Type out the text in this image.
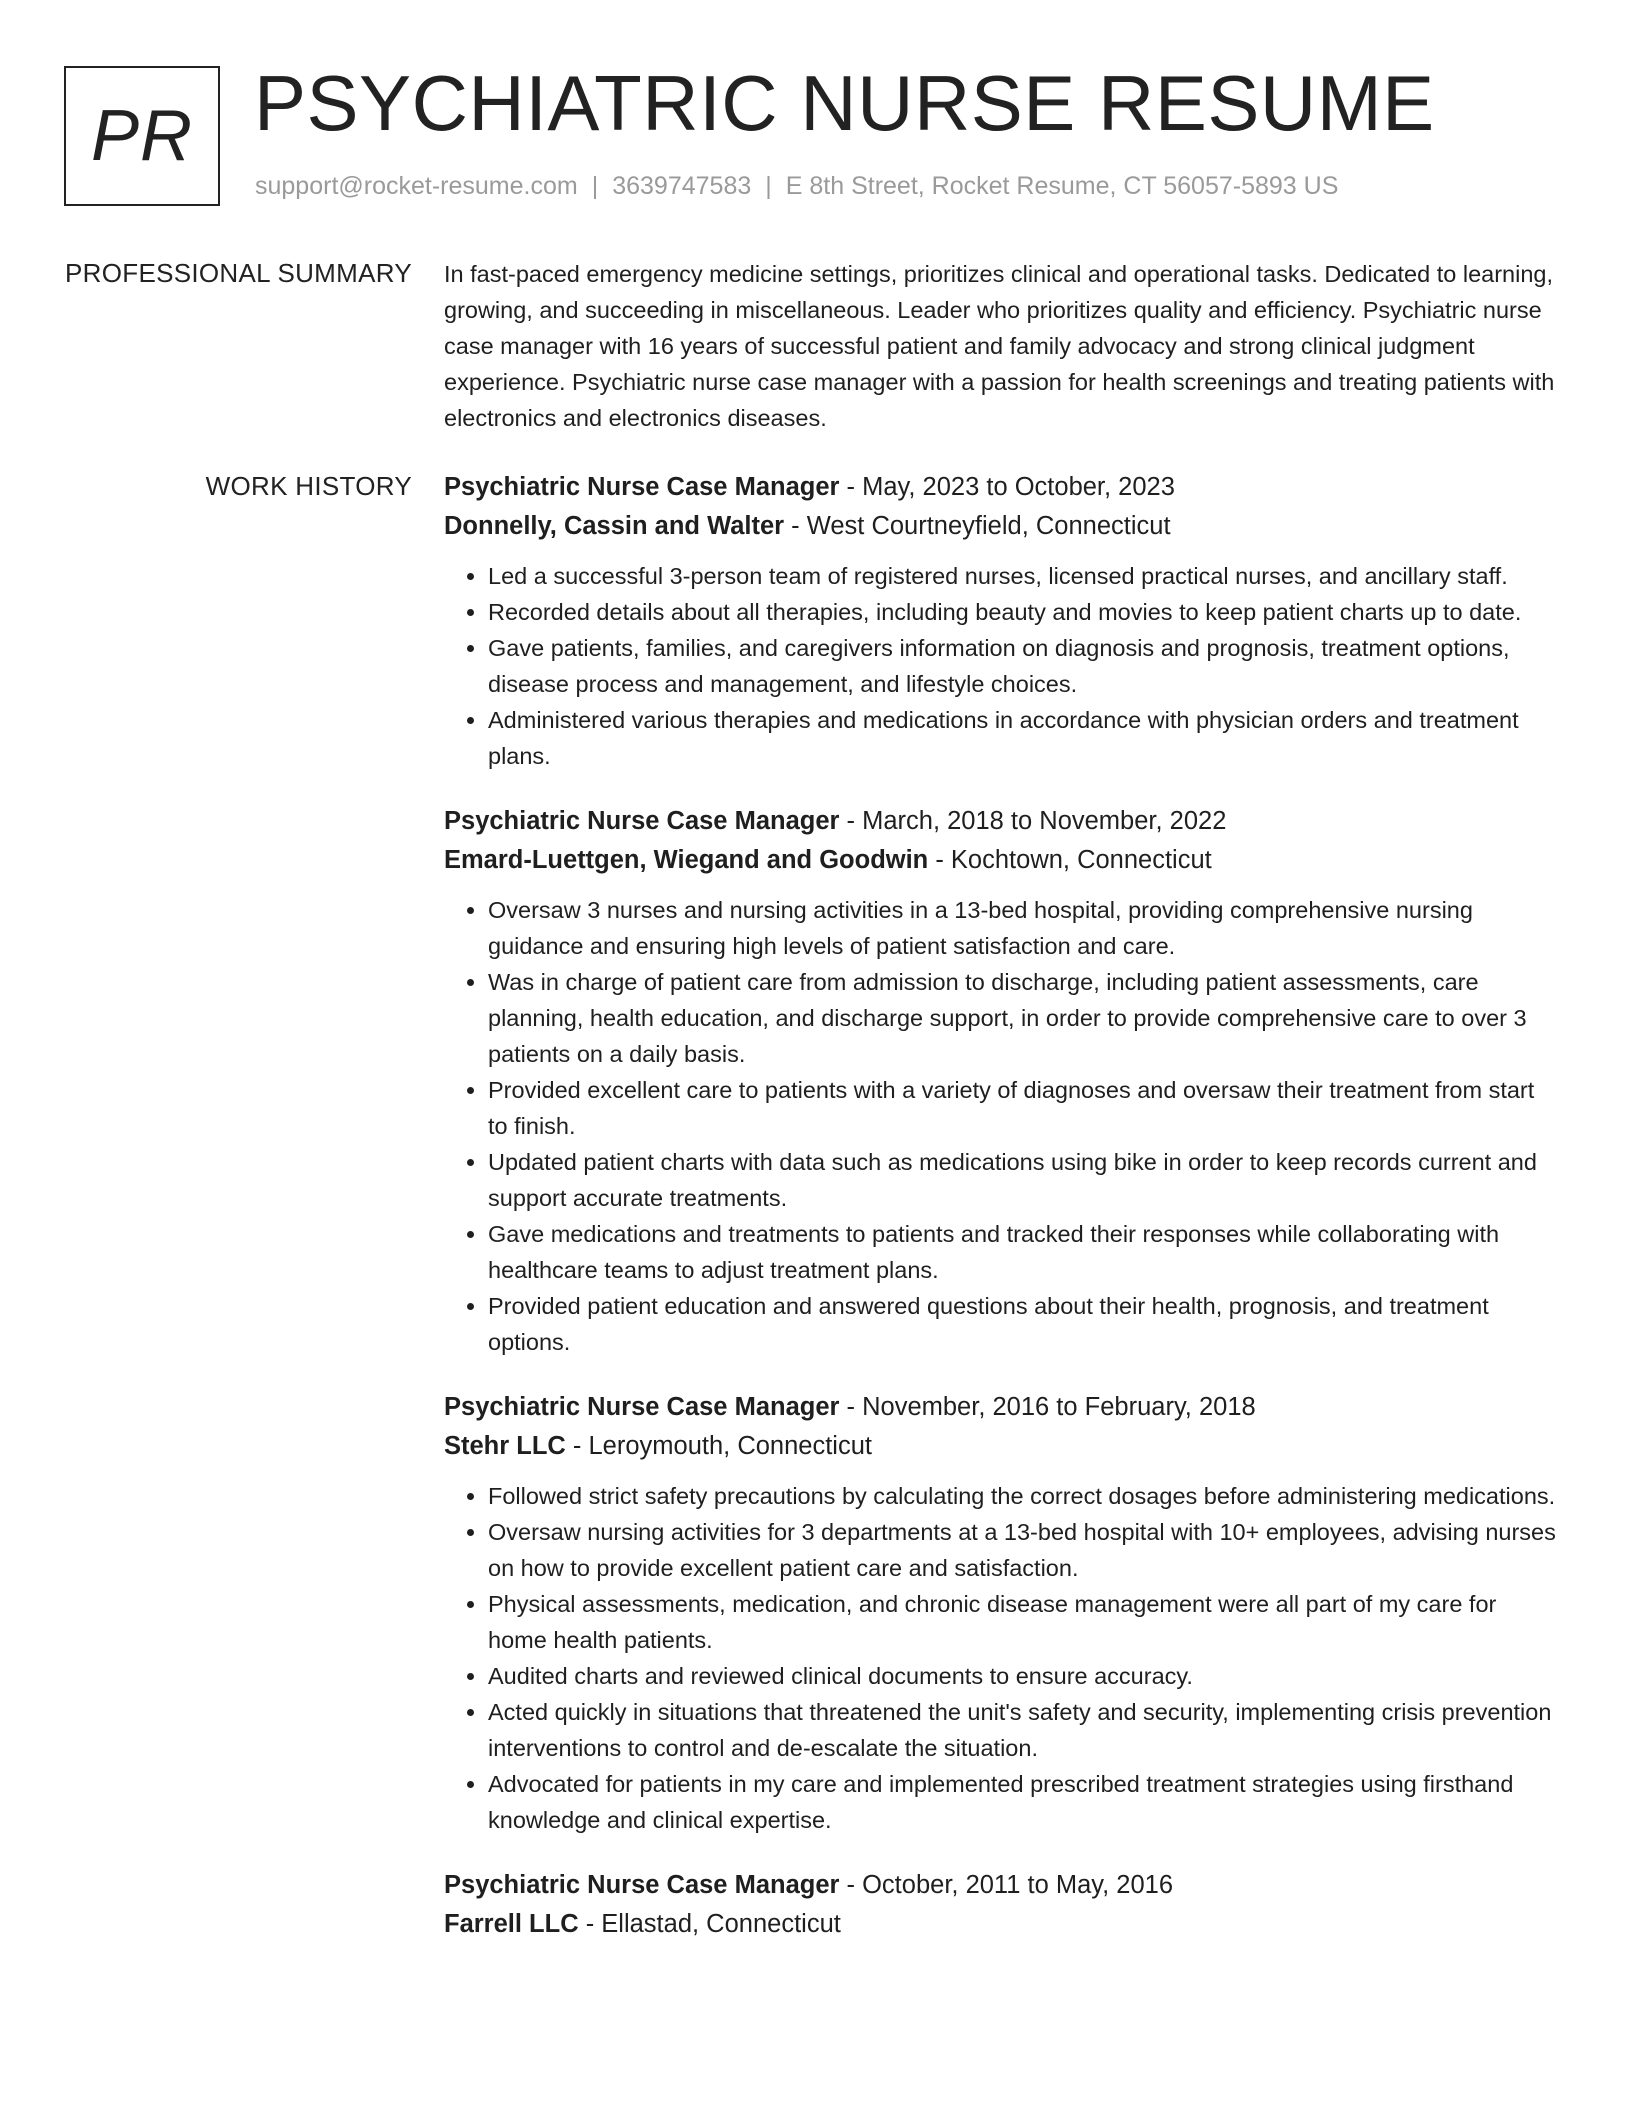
PR PSYCHIATRIC NURSE RESUME
support@rocket-resume.com | 3639747583 | E 8th Street, Rocket Resume, CT 56057-5893 US
PROFESSIONAL SUMMARY In fast-paced emergency medicine settings, prioritizes clinical and operational tasks. Dedicated to learning, growing, and succeeding in miscellaneous. Leader who prioritizes quality and efficiency. Psychiatric nurse case manager with 16 years of successful patient and family advocacy and strong clinical judgment experience. Psychiatric nurse case manager with a passion for health screenings and treating patients with electronics and electronics diseases.

WORK HISTORY Psychiatric Nurse Case Manager - May, 2023 to October, 2023
Donnelly, Cassin and Walter - West Courtneyfield, Connecticut
• Led a successful 3-person team of registered nurses, licensed practical nurses, and ancillary staff.
• Recorded details about all therapies, including beauty and movies to keep patient charts up to date.
• Gave patients, families, and caregivers information on diagnosis and prognosis, treatment options, disease process and management, and lifestyle choices.
• Administered various therapies and medications in accordance with physician orders and treatment plans.
Psychiatric Nurse Case Manager - March, 2018 to November, 2022
Emard-Luettgen, Wiegand and Goodwin - Kochtown, Connecticut
• Oversaw 3 nurses and nursing activities in a 13-bed hospital, providing comprehensive nursing guidance and ensuring high levels of patient satisfaction and care.
• Was in charge of patient care from admission to discharge, including patient assessments, care planning, health education, and discharge support, in order to provide comprehensive care to over 3 patients on a daily basis.
• Provided excellent care to patients with a variety of diagnoses and oversaw their treatment from start to finish.
• Updated patient charts with data such as medications using bike in order to keep records current and support accurate treatments.
• Gave medications and treatments to patients and tracked their responses while collaborating with healthcare teams to adjust treatment plans.
• Provided patient education and answered questions about their health, prognosis, and treatment options.
Psychiatric Nurse Case Manager - November, 2016 to February, 2018
Stehr LLC - Leroymouth, Connecticut
• Followed strict safety precautions by calculating the correct dosages before administering medications.
• Oversaw nursing activities for 3 departments at a 13-bed hospital with 10+ employees, advising nurses on how to provide excellent patient care and satisfaction.
• Physical assessments, medication, and chronic disease management were all part of my care for home health patients.
• Audited charts and reviewed clinical documents to ensure accuracy.
• Acted quickly in situations that threatened the unit's safety and security, implementing crisis prevention interventions to control and de-escalate the situation.
• Advocated for patients in my care and implemented prescribed treatment strategies using firsthand knowledge and clinical expertise.
Psychiatric Nurse Case Manager - October, 2011 to May, 2016
Farrell LLC - Ellastad, Connecticut
